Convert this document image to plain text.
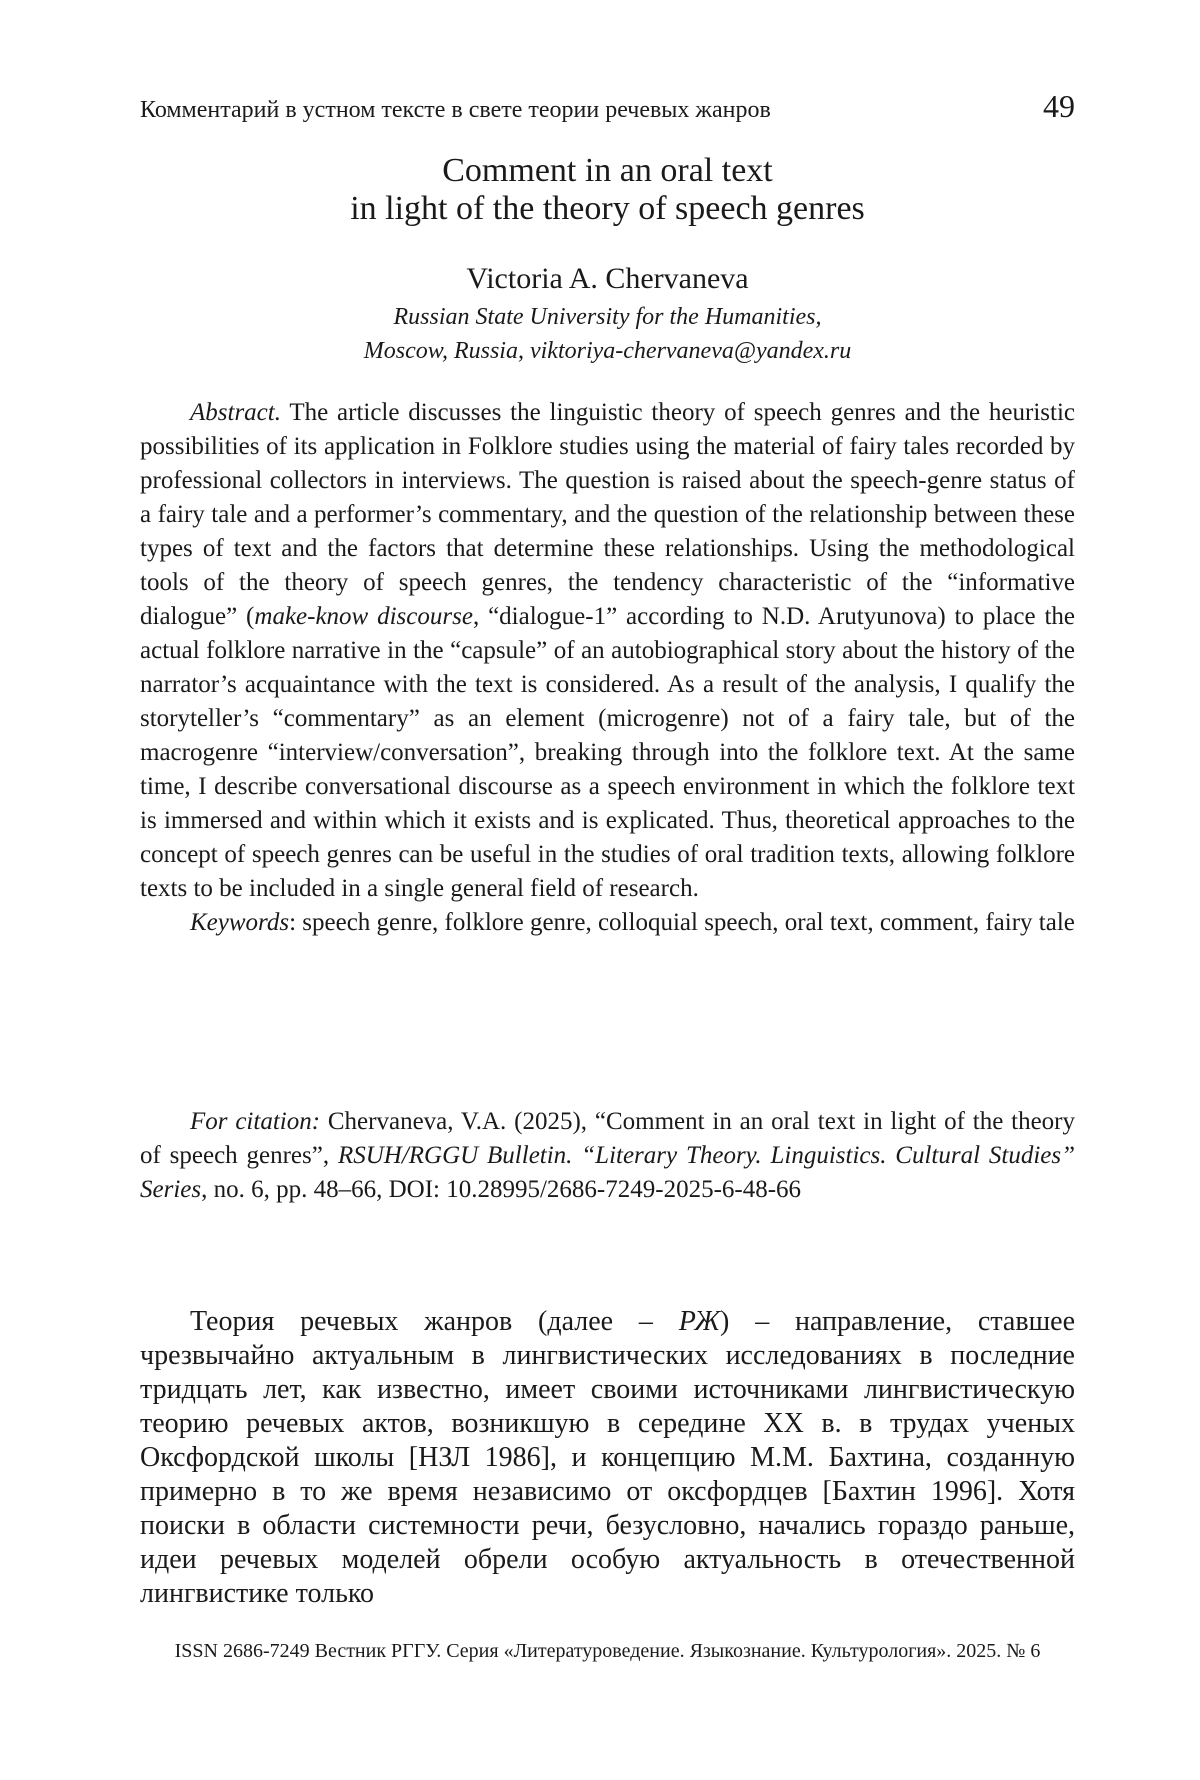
Комментарий в устном тексте в свете теории речевых жанров	49
Comment in an oral text
in light of the theory of speech genres
Victoria A. Chervaneva
Russian State University for the Humanities,
Moscow, Russia, viktoriya-chervaneva@yandex.ru

Abstract. The article discusses the linguistic theory of speech genres and the heuristic possibilities of its application in Folklore studies using the material of fairy tales recorded by professional collectors in interviews. The question is raised about the speech-genre status of a fairy tale and a performer’s commentary, and the question of the relationship between these types of text and the factors that determine these relationships. Using the methodological tools of the theory of speech genres, the tendency characteristic of the “informative dialogue” (make-know discourse, “dialogue-1” according to N.D. Arutyunova) to place the actual folklore narrative in the “capsule” of an autobiographical story about the history of the narrator’s acquaintance with the text is considered. As a result of the analysis, I qualify the storyteller’s “commentary” as an element (microgenre) not of a fairy tale, but of the macrogenre “interview/conversation”, breaking through into the folklore text. At the same time, I describe conversational discourse as a speech environment in which the folklore text is immersed and within which it exists and is explicated. Thus, theoretical approaches to the concept of speech genres can be useful in the studies of oral tradition texts, allowing folklore texts to be included in a single general field of research.

Keywords: speech genre, folklore genre, colloquial speech, oral text, comment, fairy tale

For citation: Chervaneva, V.A. (2025), “Comment in an oral text in light of the theory of speech genres”, RSUH/RGGU Bulletin. “Literary Theory. Linguistics. Cultural Studies” Series, no. 6, pp. 48–66, DOI: 10.28995/2686-7249-2025-6-48-66

Теория речевых жанров (далее – РЖ) – направление, ставшее чрезвычайно актуальным в лингвистических исследованиях в последние тридцать лет, как известно, имеет своими источниками лингвистическую теорию речевых актов, возникшую в середине XX в. в трудах ученых Оксфордской школы [НЗЛ 1986], и концепцию М.М. Бахтина, созданную примерно в то же время независимо от оксфордцев [Бахтин 1996]. Хотя поиски в области системности речи, безусловно, начались гораздо раньше, идеи речевых моделей обрели особую актуальность в отечественной лингвистике только

ISSN 2686-7249 Вестник РГГУ. Серия «Литературоведение. Языкознание. Культурология». 2025. № 6
